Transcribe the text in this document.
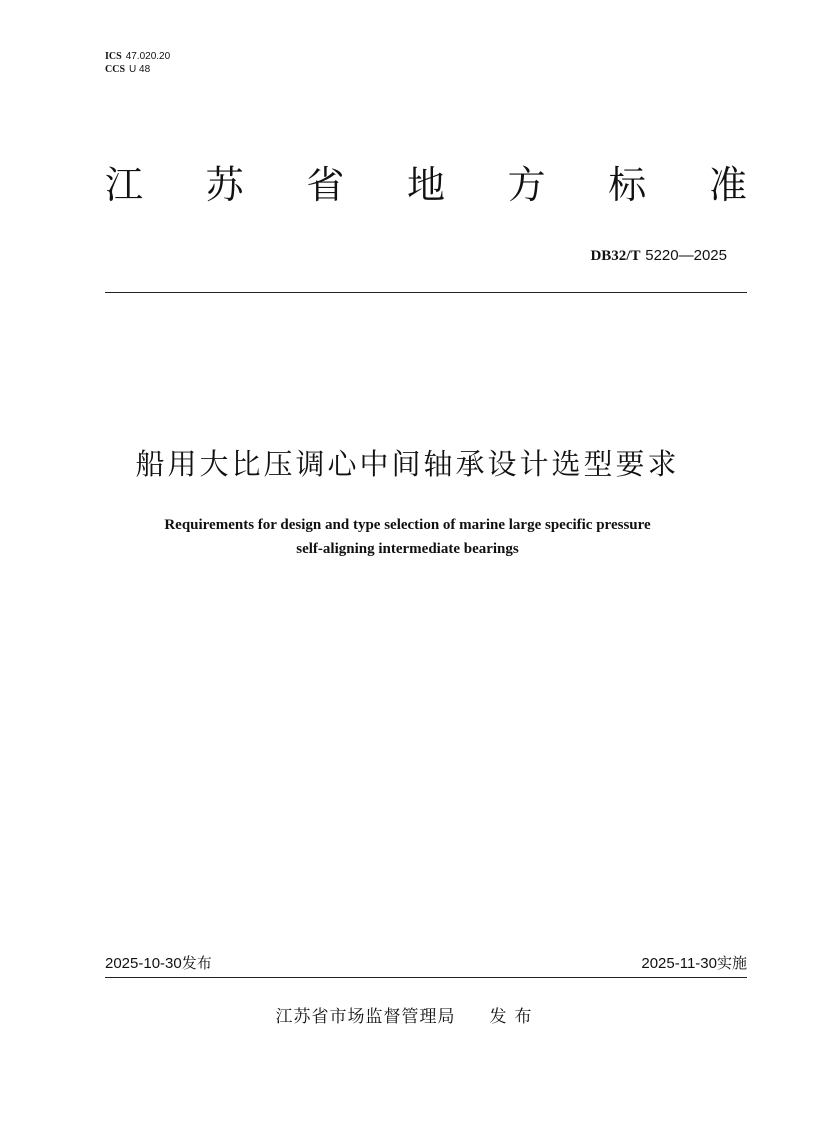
ICS 47.020.20
CCS U 48
江 苏 省 地 方 标 准
DB32/T 5220—2025
船用大比压调心中间轴承设计选型要求
Requirements for design and type selection of marine large specific pressure
self-aligning intermediate bearings
2025-10-30发布	2025-11-30实施
江苏省市场监督管理局 发布
